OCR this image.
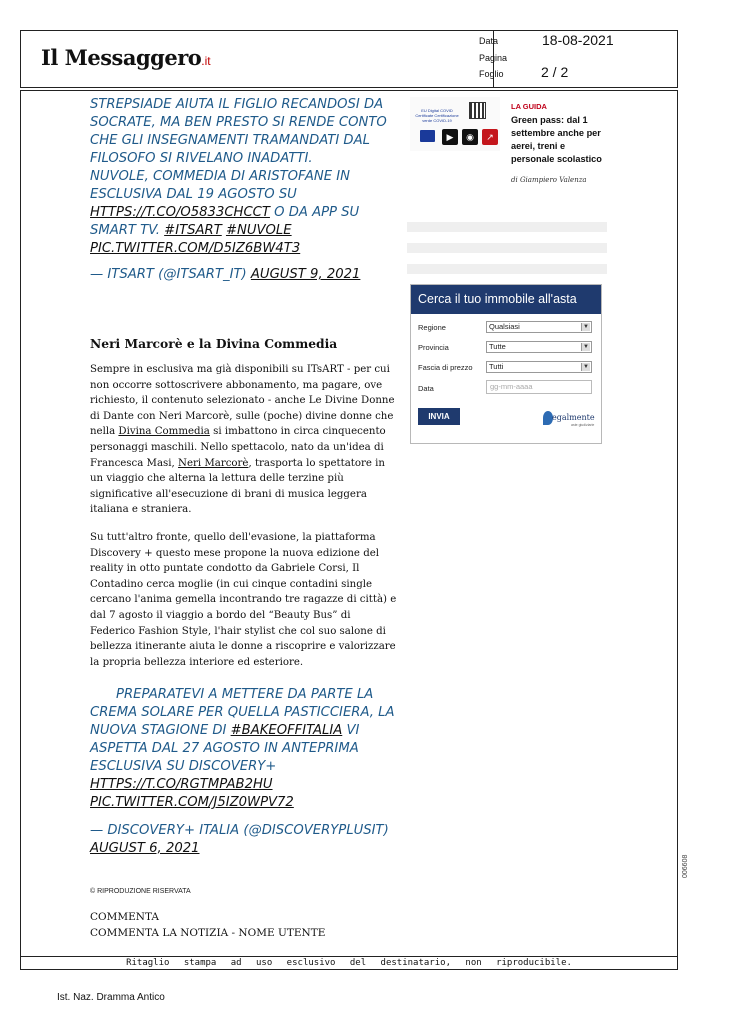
Il Messaggero.it
Data	18-08-2021
Pagina
Foglio	2 / 2
STREPSIADE AIUTA IL FIGLIO RECANDOSI DA
SOCRATE, MA BEN PRESTO SI RENDE CONTO
CHE GLI INSEGNAMENTI TRAMANDATI DAL
FILOSOFO SI RIVELANO INADATTI.
NUVOLE, COMMEDIA DI ARISTOFANE IN
ESCLUSIVA DAL 19 AGOSTO SU
HTTPS://T.CO/O5833CHCCT O DA APP SU
SMART TV. #ITSART #NUVOLE
PIC.TWITTER.COM/D5IZ6BW4T3
— ITSART (@ITSART_IT) AUGUST 9, 2021
Neri Marcorè e la Divina Commedia
Sempre in esclusiva ma già disponibili su ITsART - per cui non occorre sottoscrivere abbonamento, ma pagare, ove richiesto, il contenuto selezionato - anche Le Divine Donne di Dante con Neri Marcorè, sulle (poche) divine donne che nella Divina Commedia si imbattono in circa cinquecento personaggi maschili. Nello spettacolo, nato da un'idea di Francesca Masi, Neri Marcorè, trasporta lo spettatore in un viaggio che alterna la lettura delle terzine più significative all'esecuzione di brani di musica leggera italiana e straniera.
Su tutt'altro fronte, quello dell'evasione, la piattaforma Discovery + questo mese propone la nuova edizione del reality in otto puntate condotto da Gabriele Corsi, Il Contadino cerca moglie (in cui cinque contadini single cercano l'anima gemella incontrando tre ragazze di città) e dal 7 agosto il viaggio a bordo del “Beauty Bus” di Federico Fashion Style, l'hair stylist che col suo salone di bellezza itinerante aiuta le donne a riscoprire e valorizzare la propria bellezza interiore ed esteriore.
PREPARATEVI A METTERE DA PARTE LA
CREMA SOLARE PER QUELLA PASTICCIERA, LA
NUOVA STAGIONE DI #BAKEOFFITALIA VI
ASPETTA DAL 27 AGOSTO IN ANTEPRIMA
ESCLUSIVA SU DISCOVERY+
HTTPS://T.CO/RGTMPAB2HU
PIC.TWITTER.COM/J5IZ0WPV72
— DISCOVERY+ ITALIA (@DISCOVERYPLUSIT)
AUGUST 6, 2021
© RIPRODUZIONE RISERVATA
COMMENTA
COMMENTA LA NOTIZIA - NOME UTENTE
Ritaglio stampa ad uso esclusivo del destinatario, non riproducibile.
006608
Ist. Naz. Dramma Antico
EU Digital COVID Certificate Certificazione verde COVID-19
▶	◉	↗
LA GUIDA
Green pass: dal 1 settembre anche per aerei, treni e personale scolastico
di Giampiero Valenza
Cerca il tuo immobile all'asta
Regione	Qualsiasi	▼
Provincia	Tutte	▼
Fascia di prezzo	Tutti	▼
Data	gg-mm-aaaa
INVIA	egalmente
aste giudiziarie
